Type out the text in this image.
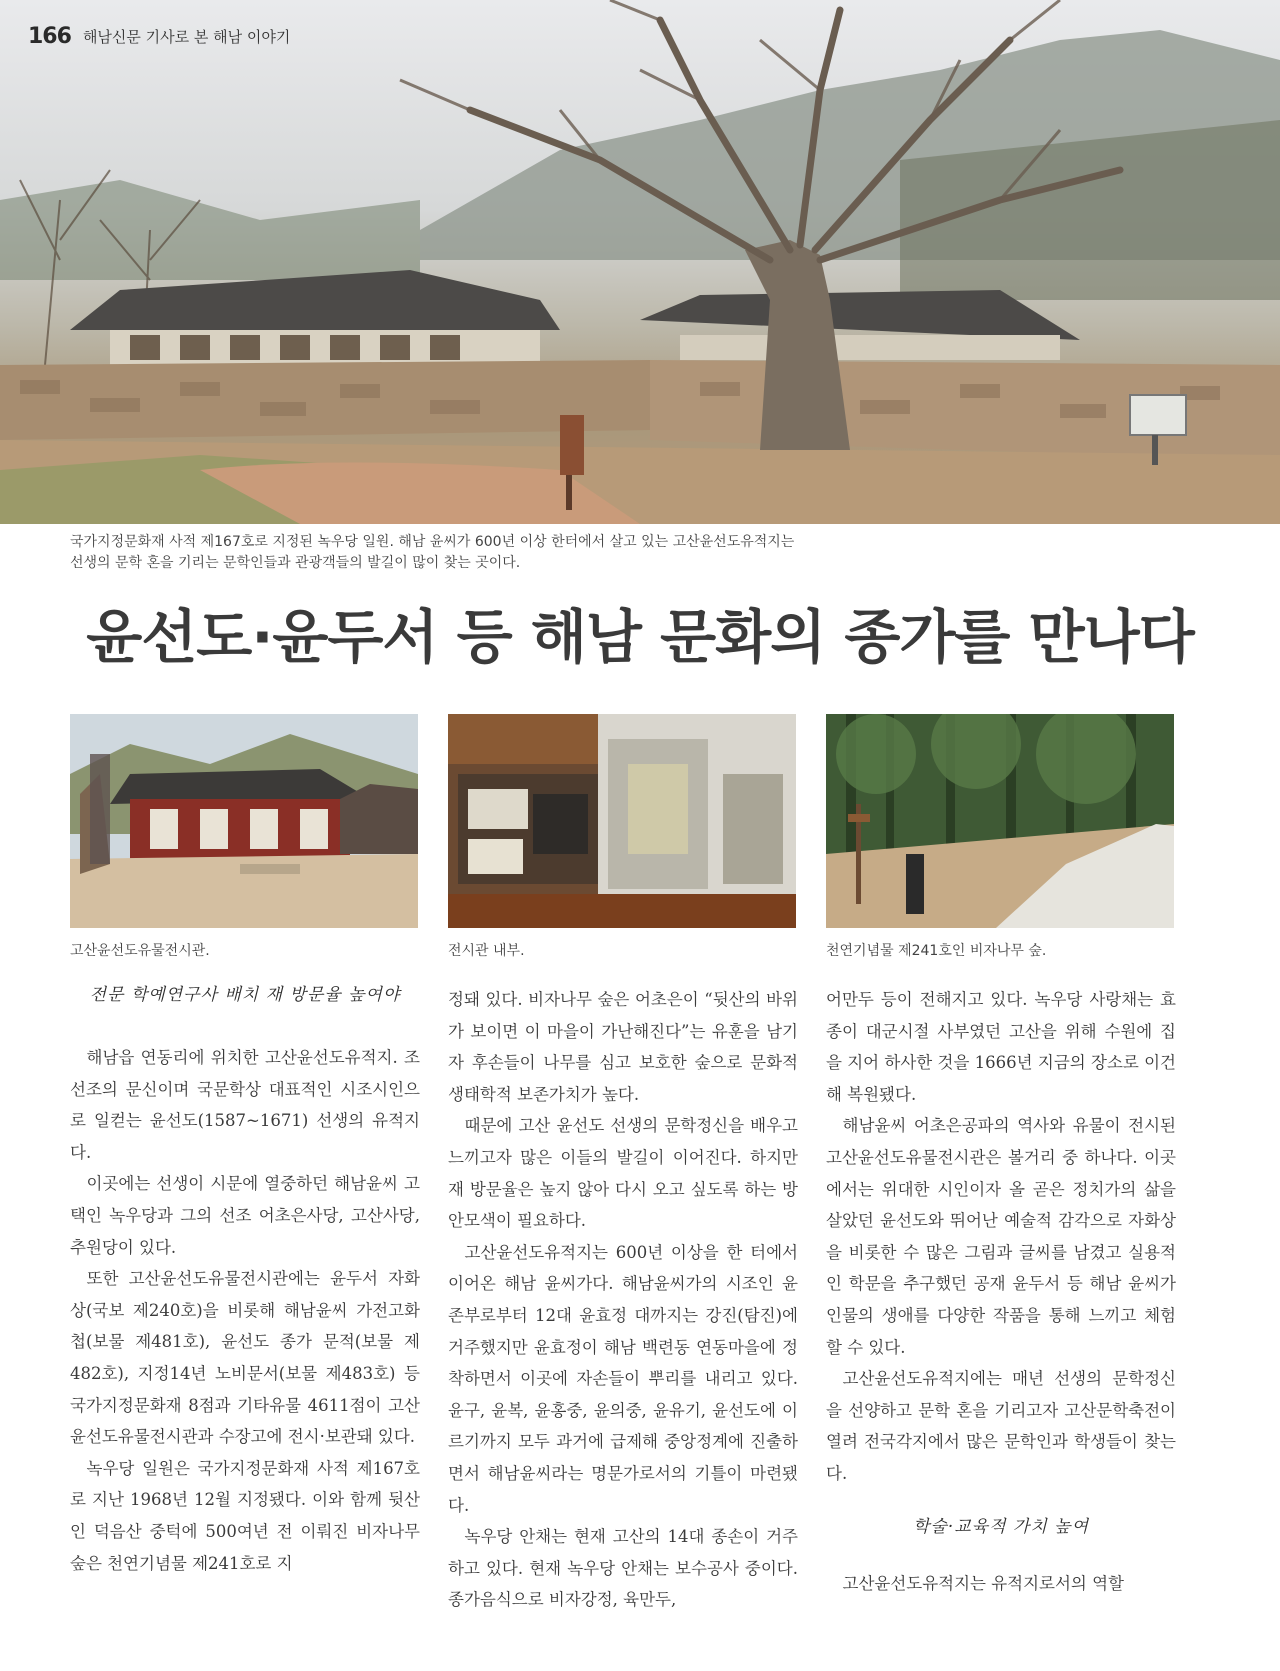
166 해남신문 기사로 본 해남 이야기
국가지정문화재 사적 제167호로 지정된 녹우당 일원. 해남 윤씨가 600년 이상 한터에서 살고 있는 고산윤선도유적지는
선생의 문학 혼을 기리는 문학인들과 관광객들의 발길이 많이 찾는 곳이다.
윤선도·윤두서 등 해남 문화의 종가를 만나다
고산윤선도유물전시관.	전시관 내부.	천연기념물 제241호인 비자나무 숲.
전문 학예연구사 배치 재 방문율 높여야

해남읍 연동리에 위치한 고산윤선도유적지. 조선조의 문신이며 국문학상 대표적인 시조시인으로 일컫는 윤선도(1587~1671) 선생의 유적지다.

이곳에는 선생이 시문에 열중하던 해남윤씨 고택인 녹우당과 그의 선조 어초은사당, 고산사당, 추원당이 있다.

또한 고산윤선도유물전시관에는 윤두서 자화상(국보 제240호)을 비롯해 해남윤씨 가전고화첩(보물 제481호), 윤선도 종가 문적(보물 제482호), 지정14년 노비문서(보물 제483호) 등 국가지정문화재 8점과 기타유물 4611점이 고산윤선도유물전시관과 수장고에 전시·보관돼 있다.

녹우당 일원은 국가지정문화재 사적 제167호로 지난 1968년 12월 지정됐다. 이와 함께 뒷산인 덕음산 중턱에 500여년 전 이뤄진 비자나무 숲은 천연기념물 제241호로 지

정돼 있다. 비자나무 숲은 어초은이 “뒷산의 바위가 보이면 이 마을이 가난해진다”는 유훈을 남기자 후손들이 나무를 심고 보호한 숲으로 문화적 생태학적 보존가치가 높다.

때문에 고산 윤선도 선생의 문학정신을 배우고 느끼고자 많은 이들의 발길이 이어진다. 하지만 재 방문율은 높지 않아 다시 오고 싶도록 하는 방안모색이 필요하다.

고산윤선도유적지는 600년 이상을 한 터에서 이어온 해남 윤씨가다. 해남윤씨가의 시조인 윤존부로부터 12대 윤효정 대까지는 강진(탐진)에 거주했지만 윤효정이 해남 백련동 연동마을에 정착하면서 이곳에 자손들이 뿌리를 내리고 있다. 윤구, 윤복, 윤홍중, 윤의중, 윤유기, 윤선도에 이르기까지 모두 과거에 급제해 중앙정계에 진출하면서 해남윤씨라는 명문가로서의 기틀이 마련됐다.

녹우당 안채는 현재 고산의 14대 종손이 거주하고 있다. 현재 녹우당 안채는 보수공사 중이다. 종가음식으로 비자강정, 육만두,

어만두 등이 전해지고 있다. 녹우당 사랑채는 효종이 대군시절 사부였던 고산을 위해 수원에 집을 지어 하사한 것을 1666년 지금의 장소로 이건해 복원됐다.

해남윤씨 어초은공파의 역사와 유물이 전시된 고산윤선도유물전시관은 볼거리 중 하나다. 이곳에서는 위대한 시인이자 올 곧은 정치가의 삶을 살았던 윤선도와 뛰어난 예술적 감각으로 자화상을 비롯한 수 많은 그림과 글씨를 남겼고 실용적인 학문을 추구했던 공재 윤두서 등 해남 윤씨가 인물의 생애를 다양한 작품을 통해 느끼고 체험할 수 있다.

고산윤선도유적지에는 매년 선생의 문학정신을 선양하고 문학 혼을 기리고자 고산문학축전이 열려 전국각지에서 많은 문학인과 학생들이 찾는다.

학술·교육적 가치 높여

고산윤선도유적지는 유적지로서의 역할
